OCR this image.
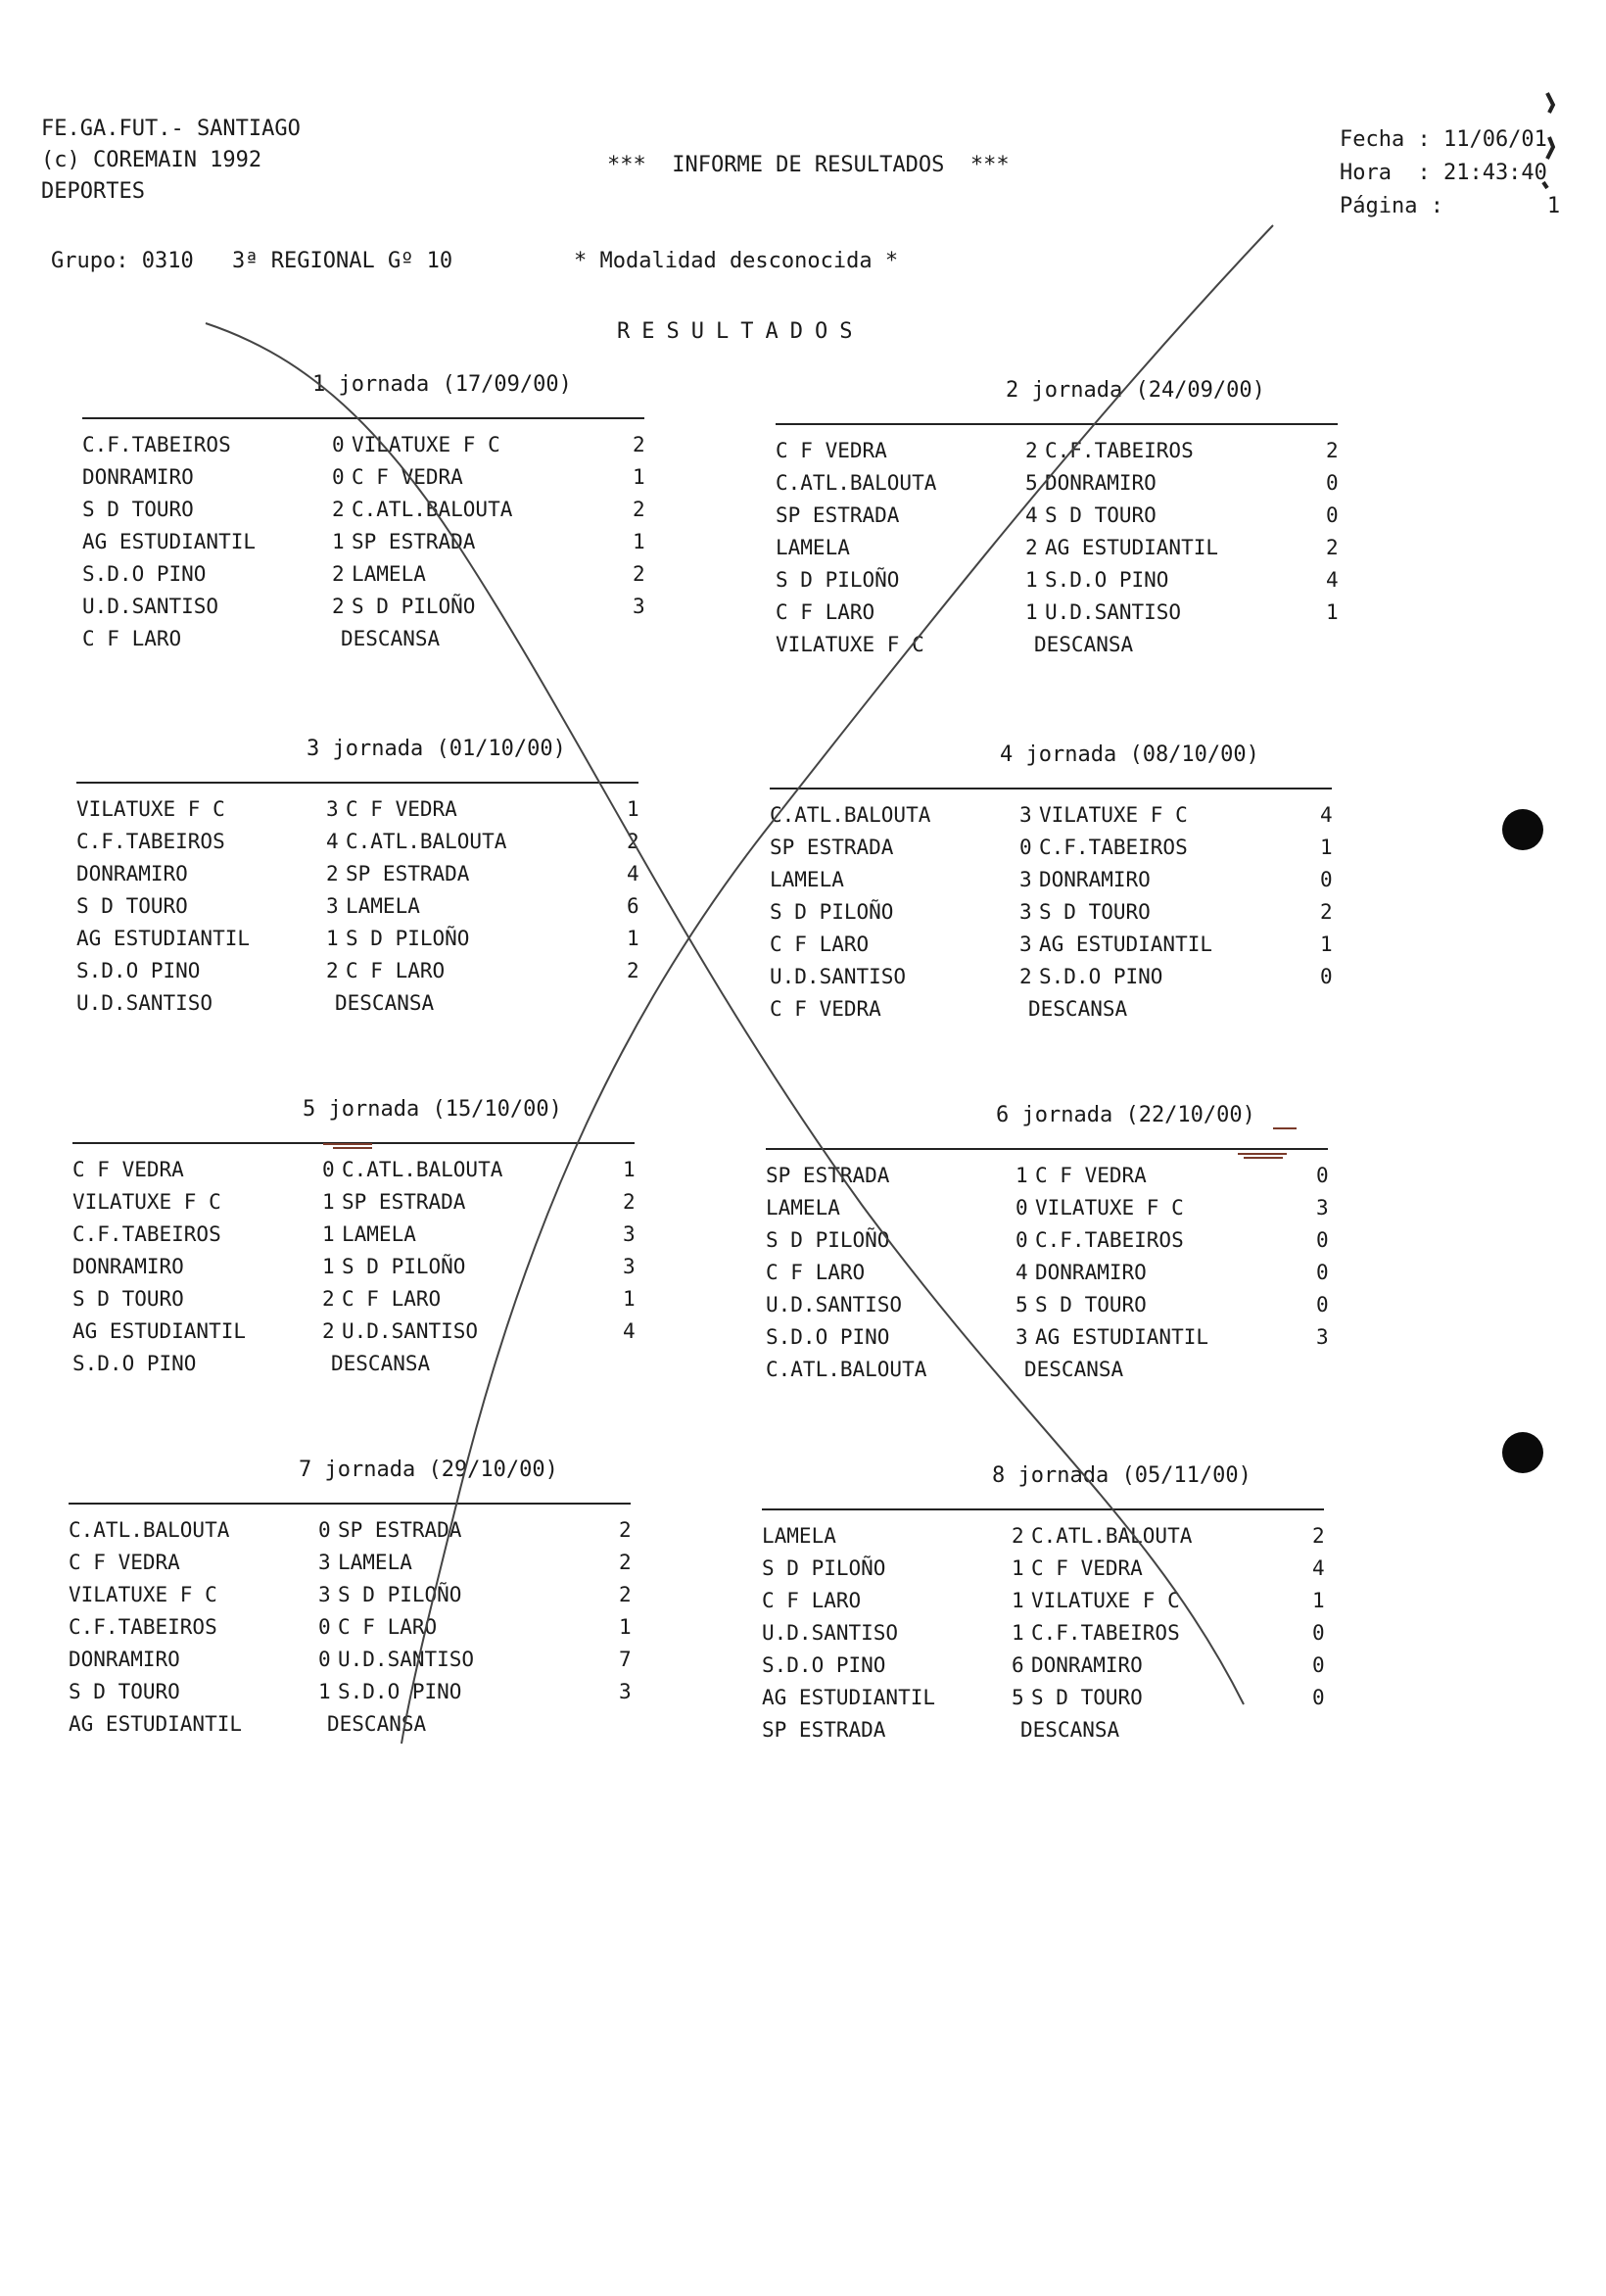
FE.GA.FUT.- SANTIAGO
(c) COREMAIN 1992
DEPORTES
***  INFORME DE RESULTADOS  ***
Fecha : 11/06/01
Hora  : 21:43:40
Página :        1
Grupo: 0310 3ª REGIONAL Gº 10	* Modalidad desconocida *
RESULTADOS
1 jornada (17/09/00)
C.F.TABEIROS	0 VILATUXE F C	2
DONRAMIRO	0 C F VEDRA	1
S D TOURO	2 C.ATL.BALOUTA	2
AG ESTUDIANTIL	1 SP ESTRADA	1
S.D.O PINO	2 LAMELA	2
U.D.SANTISO	2 S D PILOÑO	3
C F LARO	DESCANSA
2 jornada (24/09/00)
C F VEDRA	2 C.F.TABEIROS	2
C.ATL.BALOUTA	5 DONRAMIRO	0
SP ESTRADA	4 S D TOURO	0
LAMELA	2 AG ESTUDIANTIL	2
S D PILOÑO	1 S.D.O PINO	4
C F LARO	1 U.D.SANTISO	1
VILATUXE F C	DESCANSA
3 jornada (01/10/00)
VILATUXE F C	3 C F VEDRA	1
C.F.TABEIROS	4 C.ATL.BALOUTA	2
DONRAMIRO	2 SP ESTRADA	4
S D TOURO	3 LAMELA	6
AG ESTUDIANTIL	1 S D PILOÑO	1
S.D.O PINO	2 C F LARO	2
U.D.SANTISO	DESCANSA
4 jornada (08/10/00)
C.ATL.BALOUTA	3 VILATUXE F C	4
SP ESTRADA	0 C.F.TABEIROS	1
LAMELA	3 DONRAMIRO	0
S D PILOÑO	3 S D TOURO	2
C F LARO	3 AG ESTUDIANTIL	1
U.D.SANTISO	2 S.D.O PINO	0
C F VEDRA	DESCANSA
5 jornada (15/10/00)
C F VEDRA	0 C.ATL.BALOUTA	1
VILATUXE F C	1 SP ESTRADA	2
C.F.TABEIROS	1 LAMELA	3
DONRAMIRO	1 S D PILOÑO	3
S D TOURO	2 C F LARO	1
AG ESTUDIANTIL	2 U.D.SANTISO	4
S.D.O PINO	DESCANSA
6 jornada (22/10/00)
SP ESTRADA	1 C F VEDRA	0
LAMELA	0 VILATUXE F C	3
S D PILOÑO	0 C.F.TABEIROS	0
C F LARO	4 DONRAMIRO	0
U.D.SANTISO	5 S D TOURO	0
S.D.O PINO	3 AG ESTUDIANTIL	3
C.ATL.BALOUTA	DESCANSA
7 jornada (29/10/00)
C.ATL.BALOUTA	0 SP ESTRADA	2
C F VEDRA	3 LAMELA	2
VILATUXE F C	3 S D PILOÑO	2
C.F.TABEIROS	0 C F LARO	1
DONRAMIRO	0 U.D.SANTISO	7
S D TOURO	1 S.D.O PINO	3
AG ESTUDIANTIL	DESCANSA
8 jornada (05/11/00)
LAMELA	2 C.ATL.BALOUTA	2
S D PILOÑO	1 C F VEDRA	4
C F LARO	1 VILATUXE F C	1
U.D.SANTISO	1 C.F.TABEIROS	0
S.D.O PINO	6 DONRAMIRO	0
AG ESTUDIANTIL	5 S D TOURO	0
SP ESTRADA	DESCANSA
